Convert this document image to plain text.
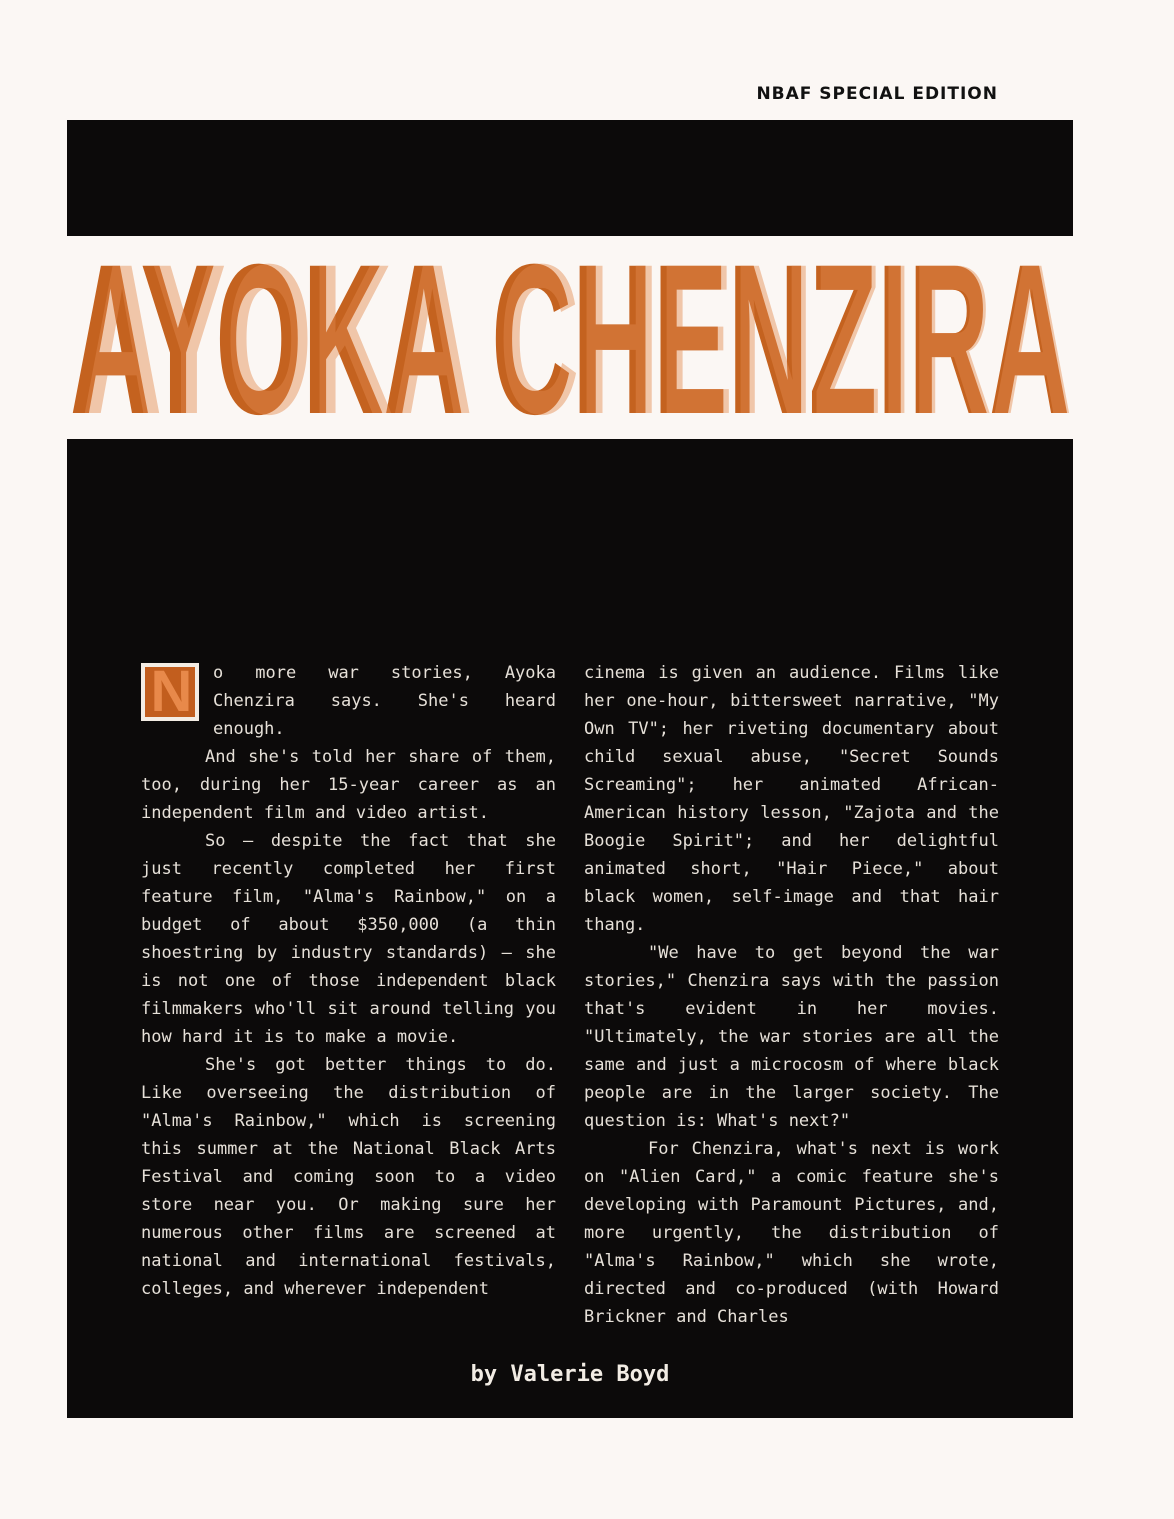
NBAF SPECIAL EDITION
AYOKA CHENZIRA
AYOKA CHENZIRA
N	o more war stories, Ayoka Chenzira says. She's heard enough.

And she's told her share of them, too, during her 15-year career as an independent film and video artist.

So – despite the fact that she just recently completed her first feature film, "Alma's Rainbow," on a budget of about $350,000 (a thin shoestring by industry standards) – she is not one of those independent black filmmakers who'll sit around telling you how hard it is to make a movie.

She's got better things to do. Like overseeing the distribution of "Alma's Rainbow," which is screening this summer at the National Black Arts Festival and coming soon to a video store near you. Or making sure her numerous other films are screened at national and international festivals, colleges, and wherever independent

cinema is given an audience. Films like her one-hour, bittersweet narrative, "My Own TV"; her riveting documentary about child sexual abuse, "Secret Sounds Screaming"; her animated African-American history lesson, "Zajota and the Boogie Spirit"; and her delightful animated short, "Hair Piece," about black women, self-image and that hair thang.

"We have to get beyond the war stories," Chenzira says with the passion that's evident in her movies. "Ultimately, the war stories are all the same and just a microcosm of where black people are in the larger society. The question is: What's next?"

For Chenzira, what's next is work on "Alien Card," a comic feature she's developing with Paramount Pictures, and, more urgently, the distribution of "Alma's Rainbow," which she wrote, directed and co-produced (with Howard Brickner and Charles

by Valerie Boyd
